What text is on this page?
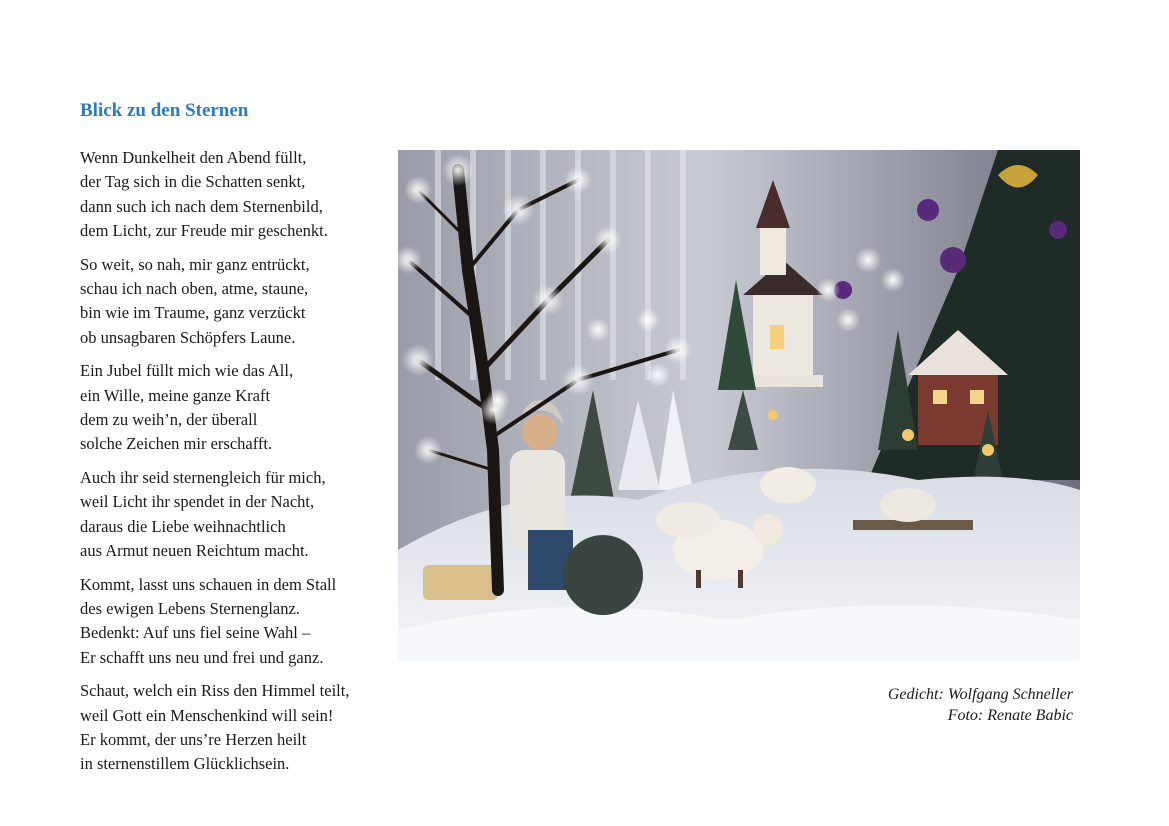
Blick zu den Sternen

Wenn Dunkelheit den Abend füllt,
der Tag sich in die Schatten senkt,
dann such ich nach dem Sternenbild,
dem Licht, zur Freude mir geschenkt.

So weit, so nah, mir ganz entrückt,
schau ich nach oben, atme, staune,
bin wie im Traume, ganz verzückt
ob unsagbaren Schöpfers Laune.

Ein Jubel füllt mich wie das All,
ein Wille, meine ganze Kraft
dem zu weih’n, der überall
solche Zeichen mir erschafft.

Auch ihr seid sternengleich für mich,
weil Licht ihr spendet in der Nacht,
daraus die Liebe weihnachtlich
aus Armut neuen Reichtum macht.

Kommt, lasst uns schauen in dem Stall
des ewigen Lebens Sternenglanz.
Bedenkt: Auf uns fiel seine Wahl –
Er schafft uns neu und frei und ganz.

Schaut, welch ein Riss den Himmel teilt,
weil Gott ein Menschenkind will sein!
Er kommt, der uns’re Herzen heilt
in sternenstillem Glücklichsein.

Gedicht: Wolfgang Schneller
Foto: Renate Babic
